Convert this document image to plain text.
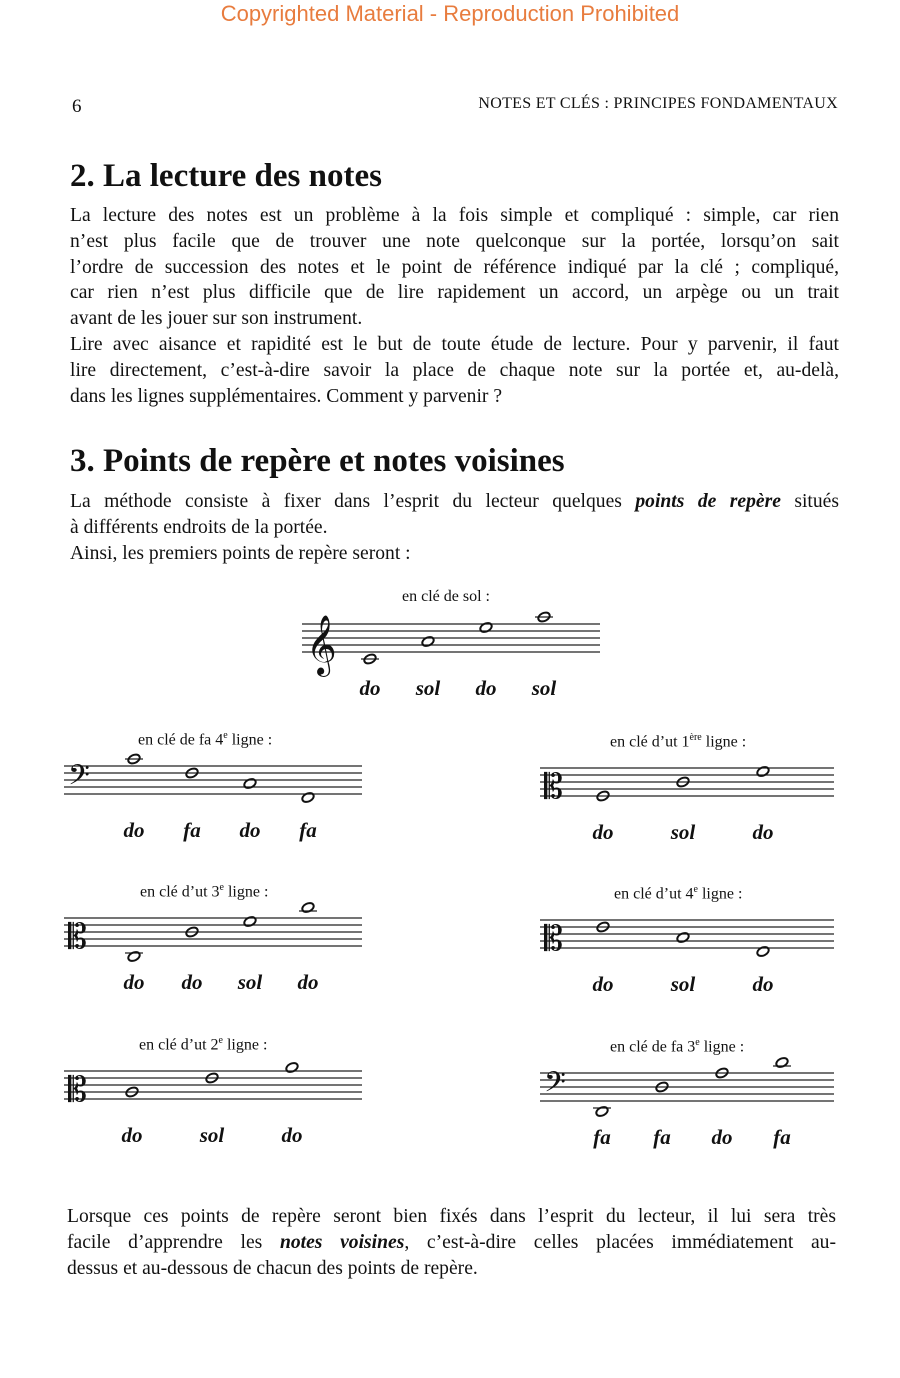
Copyrighted Material - Reproduction Prohibited
6	NOTES ET CLÉS : PRINCIPES FONDAMENTAUX
2. La lecture des notes
La lecture des notes est un problème à la fois simple et compliqué : simple, car rien
n’est plus facile que de trouver une note quelconque sur la portée, lorsqu’on sait
l’ordre de succession des notes et le point de référence indiqué par la clé ; compliqué,
car rien n’est plus difficile que de lire rapidement un accord, un arpège ou un trait
avant de les jouer sur son instrument.
Lire avec aisance et rapidité est le but de toute étude de lecture. Pour y parvenir, il faut
lire directement, c’est-à-dire savoir la place de chaque note sur la portée et, au-delà,
dans les lignes supplémentaires. Comment y parvenir ?
3. Points de repère et notes voisines
La méthode consiste à fixer dans l’esprit du lecteur quelques points de repère situés
à différents endroits de la portée.
Ainsi, les premiers points de repère seront :
en clé de sol :
𝄞
do sol do sol
en clé de fa 4e ligne :
𝄢
do fa do fa
en clé d’ut 1ère ligne :
𝄡
do	sol	do
en clé d’ut 3e ligne :
𝄡
do do sol do
en clé d’ut 4e ligne :
𝄡
do	sol	do
en clé d’ut 2e ligne :
𝄡
do	sol	do
en clé de fa 3e ligne :
𝄢
fa fa do fa
Lorsque ces points de repère seront bien fixés dans l’esprit du lecteur, il lui sera très
facile d’apprendre les notes voisines, c’est-à-dire celles placées immédiatement au-
dessus et au-dessous de chacun des points de repère.
